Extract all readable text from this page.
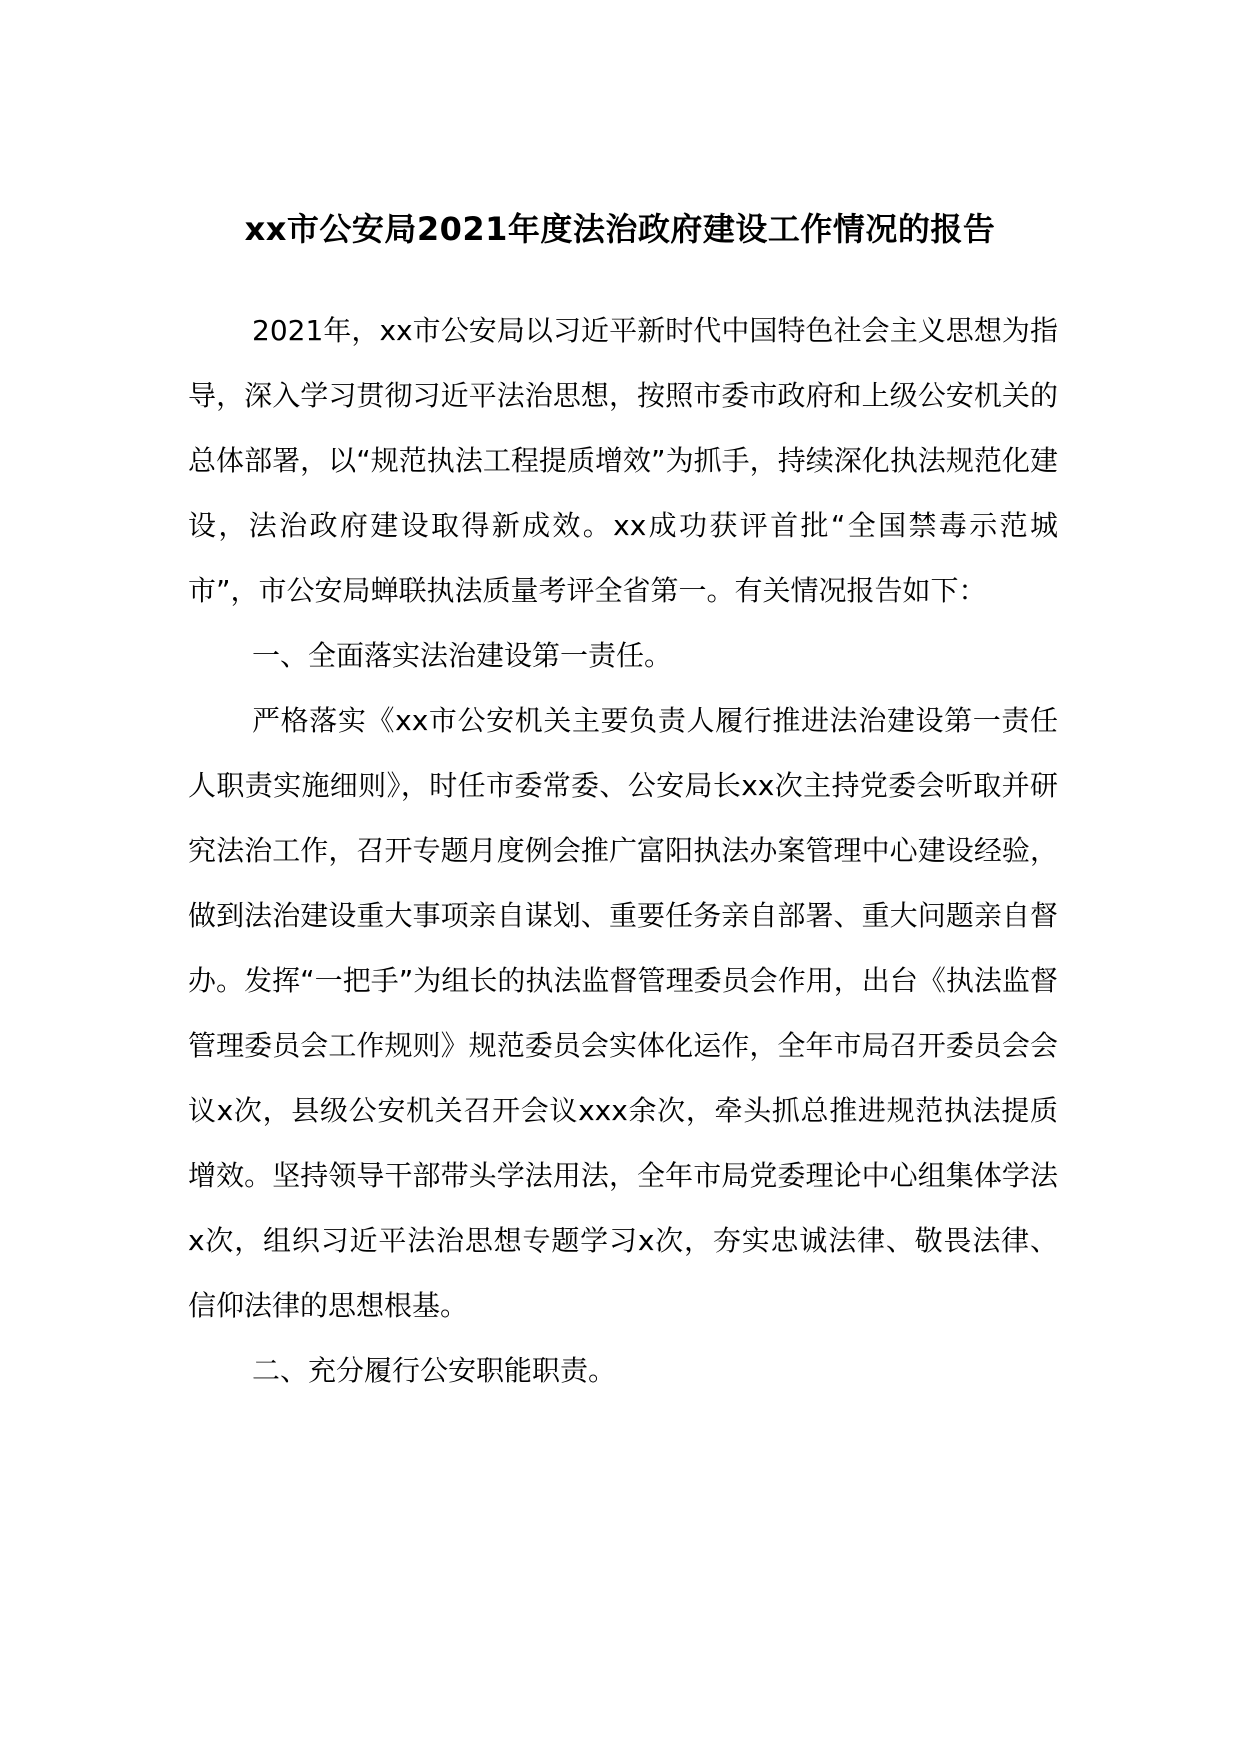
xx市公安局2021年度法治政府建设工作情况的报告

2021年，xx市公安局以习近平新时代中国特色社会主义思想为指导，深入学习贯彻习近平法治思想，按照市委市政府和上级公安机关的总体部署，以“规范执法工程提质增效”为抓手，持续深化执法规范化建设，法治政府建设取得新成效。xx成功获评首批“全国禁毒示范城市”，市公安局蝉联执法质量考评全省第一。有关情况报告如下：

一、全面落实法治建设第一责任。

严格落实《xx市公安机关主要负责人履行推进法治建设第一责任人职责实施细则》，时任市委常委、公安局长xx次主持党委会听取并研究法治工作，召开专题月度例会推广富阳执法办案管理中心建设经验，做到法治建设重大事项亲自谋划、重要任务亲自部署、重大问题亲自督办。发挥“一把手”为组长的执法监督管理委员会作用，出台《执法监督管理委员会工作规则》规范委员会实体化运作，全年市局召开委员会会议x次，县级公安机关召开会议xxx余次，牵头抓总推进规范执法提质增效。坚持领导干部带头学法用法，全年市局党委理论中心组集体学法x次，组织习近平法治思想专题学习x次，夯实忠诚法律、敬畏法律、信仰法律的思想根基。

二、充分履行公安职能职责。
